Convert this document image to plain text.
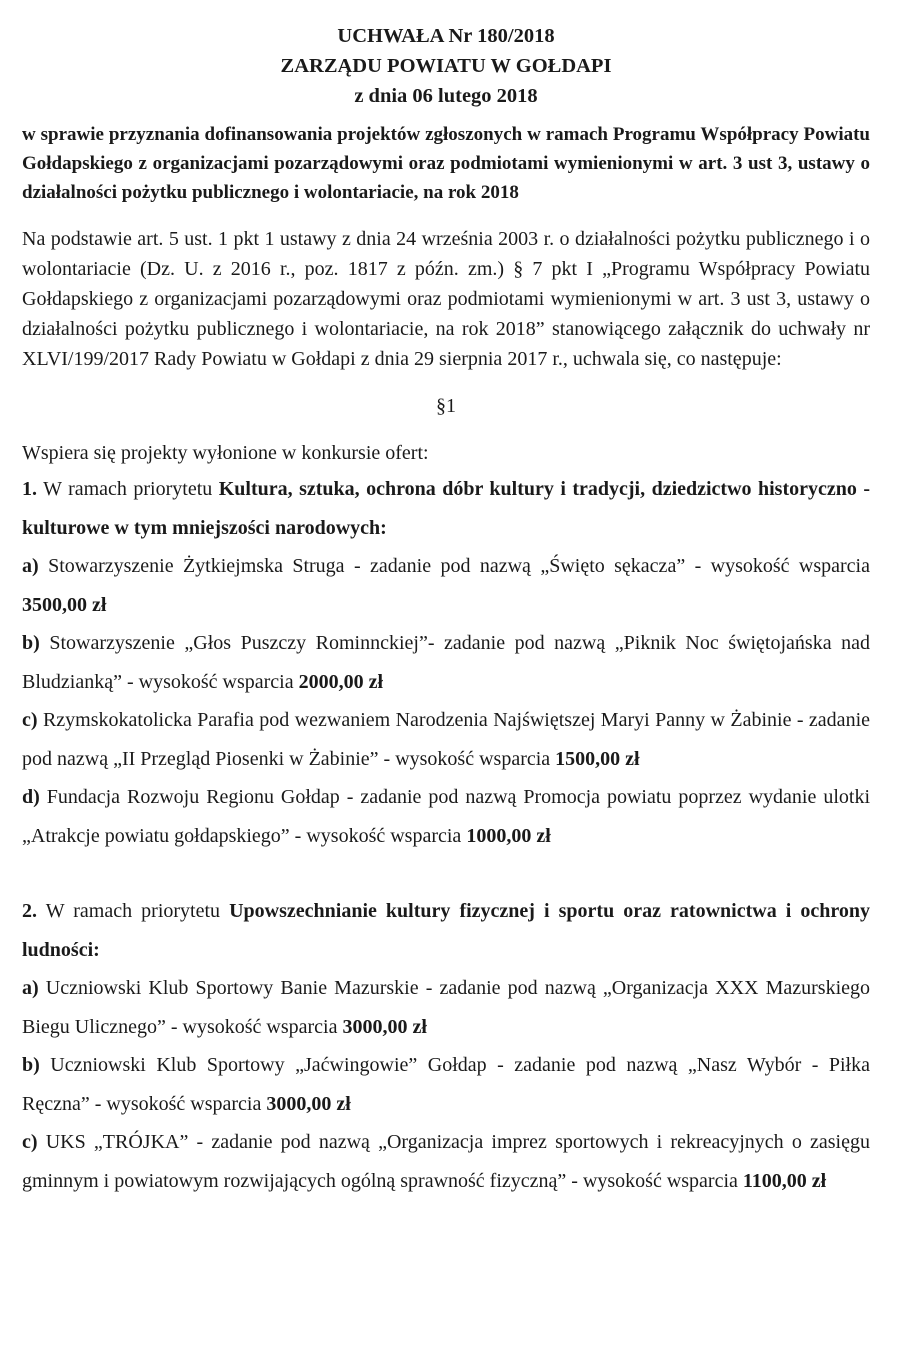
UCHWAŁA Nr 180/2018
ZARZĄDU POWIATU W GOŁDAPI
z dnia 06 lutego 2018
w sprawie przyznania dofinansowania projektów zgłoszonych w ramach Programu Współpracy Powiatu Gołdapskiego z organizacjami pozarządowymi oraz podmiotami wymienionymi w art. 3 ust 3, ustawy o działalności pożytku publicznego i wolontariacie, na rok 2018
Na podstawie art. 5 ust. 1 pkt 1 ustawy z dnia 24 września 2003 r. o działalności pożytku publicznego i o wolontariacie (Dz. U. z 2016 r., poz. 1817 z późn. zm.) § 7 pkt I „Programu Współpracy Powiatu Gołdapskiego z organizacjami pozarządowymi oraz podmiotami wymienionymi w art. 3 ust 3, ustawy o działalności pożytku publicznego i wolontariacie, na rok 2018” stanowiącego załącznik do uchwały nr XLVI/199/2017 Rady Powiatu w Gołdapi z dnia 29 sierpnia 2017 r., uchwala się, co następuje:
§1
Wspiera się projekty wyłonione w konkursie ofert:
1. W ramach priorytetu Kultura, sztuka, ochrona dóbr kultury i tradycji, dziedzictwo historyczno - kulturowe w tym mniejszości narodowych:
a) Stowarzyszenie Żytkiejmska Struga - zadanie pod nazwą „Święto sękacza” - wysokość wsparcia 3500,00 zł
b) Stowarzyszenie „Głos Puszczy Rominnckiej”- zadanie pod nazwą „Piknik Noc świętojańska nad Bludzianką” - wysokość wsparcia 2000,00 zł
c) Rzymskokatolicka Parafia pod wezwaniem Narodzenia Najświętszej Maryi Panny w Żabinie - zadanie pod nazwą „II Przegląd Piosenki w Żabinie” - wysokość wsparcia 1500,00 zł
d) Fundacja Rozwoju Regionu Gołdap - zadanie pod nazwą Promocja powiatu poprzez wydanie ulotki „Atrakcje powiatu gołdapskiego” - wysokość wsparcia 1000,00 zł
2. W ramach priorytetu Upowszechnianie kultury fizycznej i sportu oraz ratownictwa i ochrony ludności:
a) Uczniowski Klub Sportowy Banie Mazurskie - zadanie pod nazwą „Organizacja XXX Mazurskiego Biegu Ulicznego” - wysokość wsparcia 3000,00 zł
b) Uczniowski Klub Sportowy „Jaćwingowie” Gołdap - zadanie pod nazwą „Nasz Wybór - Piłka Ręczna” - wysokość wsparcia 3000,00 zł
c) UKS „TRÓJKA” - zadanie pod nazwą „Organizacja imprez sportowych i rekreacyjnych o zasięgu gminnym i powiatowym rozwijających ogólną sprawność fizyczną” - wysokość wsparcia 1100,00 zł
